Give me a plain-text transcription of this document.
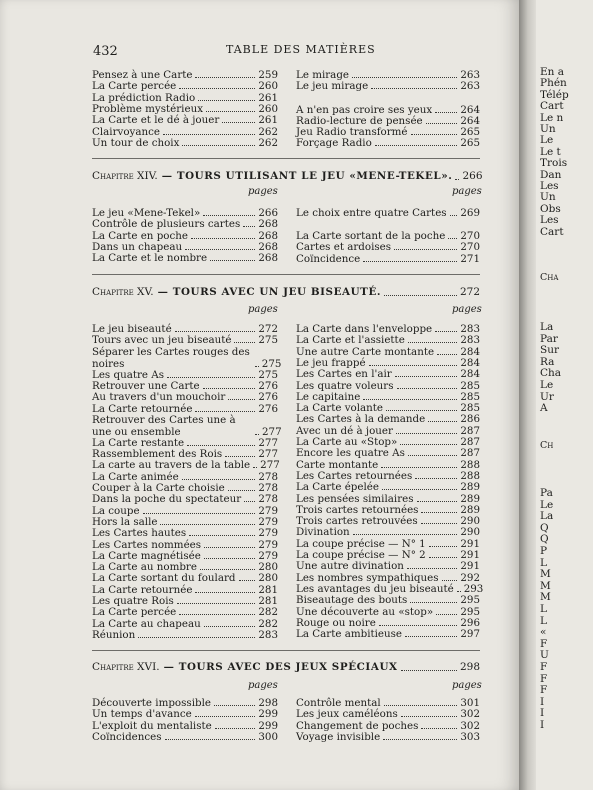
432	TABLE DES MATIÈRES
Pensez à une Carte	259
La Carte percée	260
La prédiction Radio	261
Problème mystérieux	260
La Carte et le dé à jouer	261
Clairvoyance	262
Un tour de choix	262
Le mirage	263
Le jeu mirage	263
A n'en pas croire ses yeux	264
Radio-lecture de pensée	264
Jeu Radio transformé	265
Forçage Radio	265
Chapitre XIV. — TOURS UTILISANT LE JEU «MENE-TEKEL». 266
pages	pages
Le jeu «Mene-Tekel»	266
Contrôle de plusieurs cartes 268
La Carte en poche	268
Dans un chapeau	268
La Carte et le nombre	268
Le choix entre quatre Cartes 269
La Carte sortant de la poche 270
Cartes et ardoises	270
Coïncidence	271
Chapitre XV. — TOURS AVEC UN JEU BISEAUTÉ.	272
pages	pages
Le jeu biseauté	272
Tours avec un jeu biseauté	275
Séparer les Cartes rouges des noires	275
Les quatre As	275
Retrouver une Carte	276
Au travers d'un mouchoir	276
La Carte retournée	276
Retrouver des Cartes une à une ou ensemble	277
La Carte restante	277
Rassemblement des Rois	277
La carte au travers de la table 277
La Carte animée	278
Couper à la Carte choisie	278
Dans la poche du spectateur 278
La coupe	279
Hors la salle	279
Les Cartes hautes	279
Les Cartes nommées	279
La Carte magnétisée	279
La Carte au nombre	280
La Carte sortant du foulard 280
La Carte retournée	281
Les quatre Rois	281
La Carte percée	282
La Carte au chapeau	282
Réunion	283
La Carte dans l'enveloppe	283
La Carte et l'assiette	283
Une autre Carte montante	284
Le jeu frappé	284
Les Cartes en l'air	284
Les quatre voleurs	285
Le capitaine	285
La Carte volante	285
Les Cartes à la demande	286
Avec un dé à jouer	287
La Carte au «Stop»	287
Encore les quatre As	287
Carte montante	288
Les Cartes retournées	288
La Carte épelée	289
Les pensées similaires	289
Trois cartes retournées	289
Trois cartes retrouvées	290
Divination	290
La coupe précise — N° 1	291
La coupe précise — N° 2	291
Une autre divination	291
Les nombres sympathiques 292
Les avantages du jeu biseauté 293
Biseautage des bouts	295
Une découverte au «stop»	295
Rouge ou noire	296
La Carte ambitieuse	297
Chapitre XVI. — TOURS AVEC DES JEUX SPÉCIAUX	298
pages	pages
Découverte impossible	298
Un temps d'avance	299
L'exploit du mentaliste	299
Coïncidences	300
Contrôle mental	301
Les jeux caméléons	302
Changement de poches	302
Voyage invisible	303
En a
Phén
Télép
Cart
Le n
Un
Le
Le t
Trois
Dan
Les
Un
Obs
Les
Cart
Cha
La
Par
Sur
Ra
Cha
Le
Ur
A
Ch
Pa
Le
La
Q
Q
P
L
M
M
M
L
L
«
F
U
F
F
F
I
I
I
